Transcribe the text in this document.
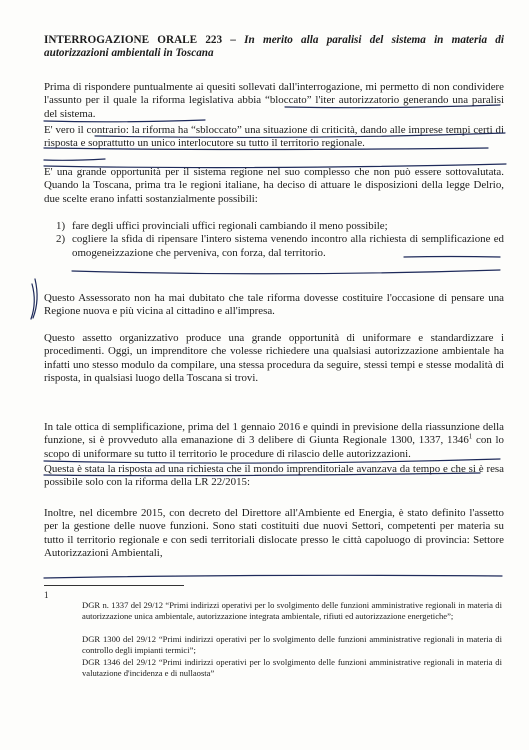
INTERROGAZIONE ORALE 223 – In merito alla paralisi del sistema in materia di autorizzazioni ambientali in Toscana

Prima di rispondere puntualmente ai quesiti sollevati dall'interrogazione, mi permetto di non condividere l'assunto per il quale la riforma legislativa abbia “bloccato” l'iter autorizzatorio generando una paralisi del sistema.

E' vero il contrario: la riforma ha “sbloccato” una situazione di criticità, dando alle imprese tempi certi di risposta e soprattutto un unico interlocutore su tutto il territorio regionale.

E' una grande opportunità per il sistema regione nel suo complesso che non può essere sottovalutata. Quando la Toscana, prima tra le regioni italiane, ha deciso di attuare le disposizioni della legge Delrio, due scelte erano infatti sostanzialmente possibili:

1) fare degli uffici provinciali uffici regionali cambiando il meno possibile;
2) cogliere la sfida di ripensare l'intero sistema venendo incontro alla richiesta di semplificazione ed omogeneizzazione che perveniva, con forza, dal territorio.

Questo Assessorato non ha mai dubitato che tale riforma dovesse costituire l'occasione di pensare una Regione nuova e più vicina al cittadino e all'impresa.

Questo assetto organizzativo produce una grande opportunità di uniformare e standardizzare i procedimenti. Oggi, un imprenditore che volesse richiedere una qualsiasi autorizzazione ambientale ha infatti uno stesso modulo da compilare, una stessa procedura da seguire, stessi tempi e stesse modalità di risposta, in qualsiasi luogo della Toscana si trovi.

In tale ottica di semplificazione, prima del 1 gennaio 2016 e quindi in previsione della riassunzione della funzione, si è provveduto alla emanazione di 3 delibere di Giunta Regionale 1300, 1337, 1346$^1$ con lo scopo di uniformare su tutto il territorio le procedure di rilascio delle autorizzazioni.

Questa è stata la risposta ad una richiesta che il mondo imprenditoriale avanzava da tempo e che si è resa possibile solo con la riforma della LR 22/2015:

Inoltre, nel dicembre 2015, con decreto del Direttore all'Ambiente ed Energia, è stato definito l'assetto per la gestione delle nuove funzioni. Sono stati costituiti due nuovi Settori, competenti per materia su tutto il territorio regionale e con sedi territoriali dislocate presso le città capoluogo di provincia: Settore Autorizzazioni Ambientali,

1

DGR n. 1337 del 29/12 “Primi indirizzi operativi per lo svolgimento delle funzioni amministrative regionali in materia di autorizzazione unica ambientale, autorizzazione integrata ambientale, rifiuti ed autorizzazione energetiche”;

DGR 1300 del 29/12 “Primi indirizzi operativi per lo svolgimento delle funzioni amministrative regionali in materia di controllo degli impianti termici”;

DGR 1346 del 29/12 “Primi indirizzi operativi per lo svolgimento delle funzioni amministrative regionali in materia di valutazione d'incidenza e di nullaosta”
